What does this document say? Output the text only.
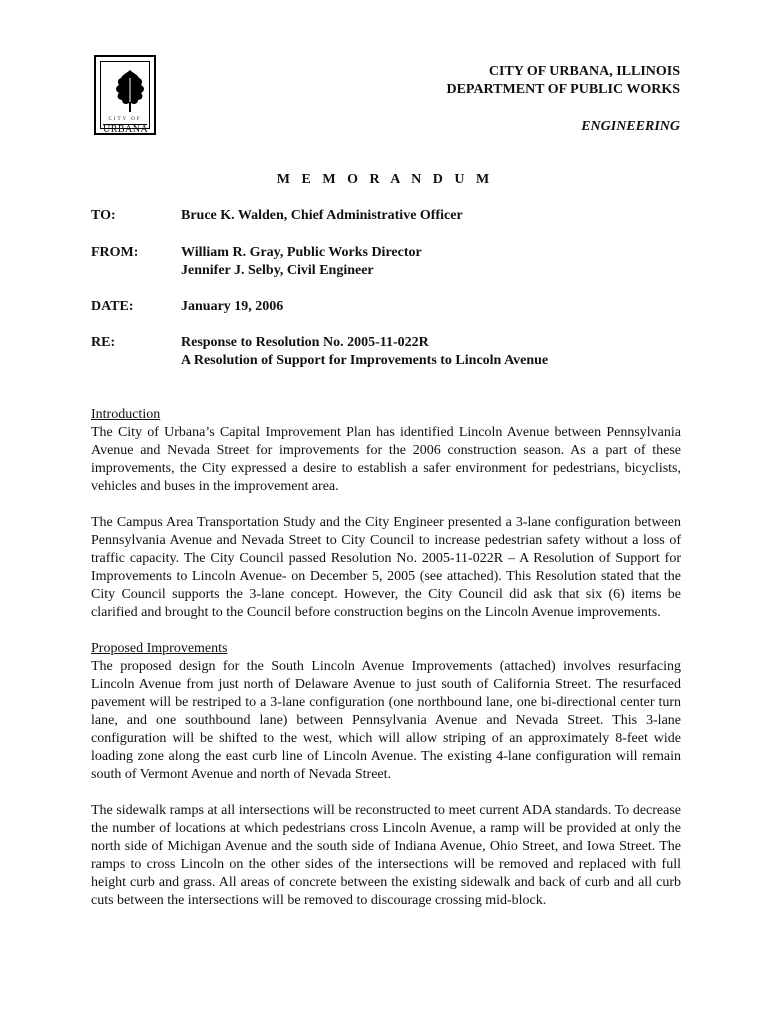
CITY OF
URBANA
CITY OF URBANA, ILLINOIS
DEPARTMENT OF PUBLIC WORKS
ENGINEERING
M E M O R A N D U M
TO:	Bruce K. Walden, Chief Administrative Officer
FROM:	William R. Gray, Public Works Director
Jennifer J. Selby, Civil Engineer
DATE:	January 19, 2006
RE:	Response to Resolution No. 2005-11-022R
A Resolution of Support for Improvements to Lincoln Avenue

Introduction

The City of Urbana’s Capital Improvement Plan has identified Lincoln Avenue between Pennsylvania Avenue and Nevada Street for improvements for the 2006 construction season. As a part of these improvements, the City expressed a desire to establish a safer environment for pedestrians, bicyclists, vehicles and buses in the improvement area.

The Campus Area Transportation Study and the City Engineer presented a 3-lane configuration between Pennsylvania Avenue and Nevada Street to City Council to increase pedestrian safety without a loss of traffic capacity. The City Council passed Resolution No. 2005-11-022R – A Resolution of Support for Improvements to Lincoln Avenue- on December 5, 2005 (see attached). This Resolution stated that the City Council supports the 3-lane concept. However, the City Council did ask that six (6) items be clarified and brought to the Council before construction begins on the Lincoln Avenue improvements.

Proposed Improvements

The proposed design for the South Lincoln Avenue Improvements (attached) involves resurfacing Lincoln Avenue from just north of Delaware Avenue to just south of California Street. The resurfaced pavement will be restriped to a 3-lane configuration (one northbound lane, one bi-directional center turn lane, and one southbound lane) between Pennsylvania Avenue and Nevada Street. This 3-lane configuration will be shifted to the west, which will allow striping of an approximately 8-feet wide loading zone along the east curb line of Lincoln Avenue. The existing 4-lane configuration will remain south of Vermont Avenue and north of Nevada Street.

The sidewalk ramps at all intersections will be reconstructed to meet current ADA standards. To decrease the number of locations at which pedestrians cross Lincoln Avenue, a ramp will be provided at only the north side of Michigan Avenue and the south side of Indiana Avenue, Ohio Street, and Iowa Street. The ramps to cross Lincoln on the other sides of the intersections will be removed and replaced with full height curb and grass. All areas of concrete between the existing sidewalk and back of curb and all curb cuts between the intersections will be removed to discourage crossing mid-block.
